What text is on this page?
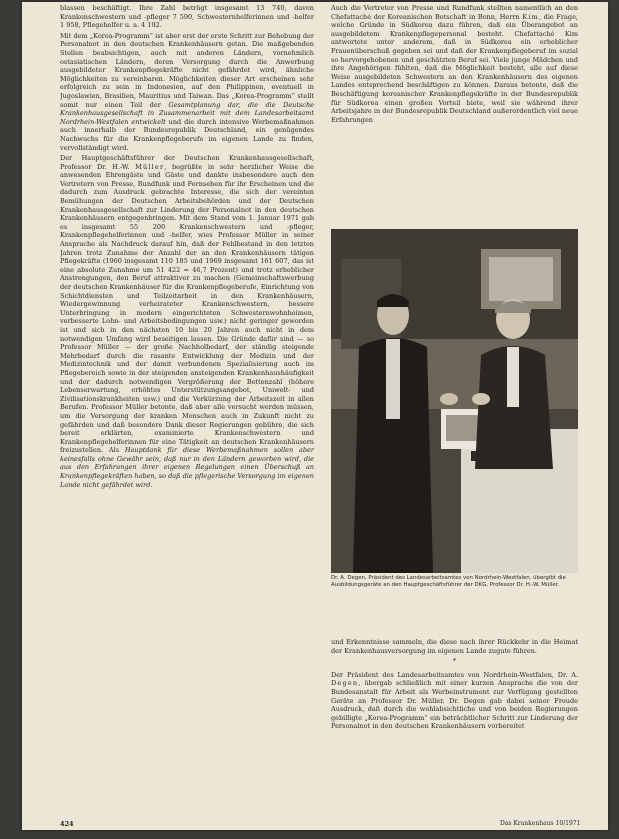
blassen beschäftigt. Ihre Zahl beträgt insgesamt 13 740, davon Krankenschwestern und -pfleger 7 590, Schwesternhelferinnen und -helfer 1 958, Pflegehelfer u. a. 4 192.

Mit dem „Korea-Programm“ ist aber erst der erste Schritt zur Behebung der Personalnot in den deutschen Krankenhäusern getan. Die maßgebenden Stellen beabsichtigen, auch mit anderen Ländern, vornehmlich ostasiatischen Ländern, deren Versorgung durch die Anwerbung ausgebildeter Krankenpflegekräfte nicht gefährdet wird, ähnliche Möglichkeiten zu vereinbaren. Möglichkeiten dieser Art erscheinen sehr erfolgreich zu sein in Indonesien, auf den Philippinen, eventuell in Jugoslawien, Brasilien, Mauritius und Taiwan. Das „Korea-Programm“ stellt somit nur einen Teil der Gesamtplanung dar, die die Deutsche Krankenhausgesellschaft in Zusammenarbeit mit dem Landesarbeitsamt Nordrhein-Westfalen entwickelt und die durch intensive Werbemaßnahmen auch innerhalb der Bundesrepublik Deutschland, ein genügendes Nachwuchs für die Krankenpflegeberufe im eigenen Lande zu finden, vervollständigt wird.

Der Hauptgeschäftsführer der Deutschen Krankenhausgesellschaft, Professor Dr. H.-W. Müller, begrüßte in sehr herzlicher Weise die anwesenden Ehrengäste und Gäste und dankte insbesondere auch den Vertretern von Presse, Rundfunk und Fernsehen für ihr Erscheinen und die dadurch zum Ausdruck gebrachte Interesse, die sich der vereinten Bemühungen der Deutschen Arbeitsbehörden und der Deutschen Krankenhausgesellschaft zur Linderung der Personalnot in den deutschen Krankenhäusern entgegenbringen. Mit dem Stand vom 1. Januar 1971 gab es insgesamt 55 200 Krankenschwestern und -pfleger, Krankenpflegehelferinnen und -helfer, wies Professor Müller in seiner Ansprache als Nachdruck darauf hin, daß der Fehlbestand in den letzten Jahren trotz Zunahme der Anzahl der an den Krankenhäusern tätigen Pflegekräfte (1960 insgesamt 110 185 und 1969 insgesamt 161 607, das ist eine absolute Zunahme um 51 422 = 46,7 Prozent) und trotz erheblicher Anstrengungen, den Beruf attraktiver zu machen (Gemeinschaftswerbung der deutschen Krankenhäuser für die Krankenpflegeberufe, Einrichtung von Schichtdiensten und Teilzeitarbeit in den Krankenhäusern, Wiedergewinnung verheirateter Krankenschwestern, bessere Unterbringung in modern eingerichteten Schwesternwohnheimen, verbesserte Lohn- und Arbeitsbedingungen usw.) nicht geringer geworden ist und sich in den nächsten 10 bis 20 Jahren auch nicht in dem notwendigen Umfang wird beseitigen lassen. Die Gründe dafür sind — so Professor Müller — der große Nachholbedarf, der ständig steigende Mehrbedarf durch die rasante Entwicklung der Medizin und der Medizintechnik und der damit verbundenen Spezialisierung auch im Pflegebereich sowie in der steigenden ansteigenden Krankenhaushäufigkeit und der dadurch notwendigen Vergrößerung der Bettenzahl (höhere Lebenserwartung, erhöhtes Unterstützungsangebot, Umwelt- und Zivilisationskrankheiten usw.) und die Verkürzung der Arbeitszeit in allen Berufen. Professor Müller betonte, daß aber alle versucht werden müssen, um die Versorgung der kranken Menschen auch in Zukunft nicht zu gefährden und daß besondere Dank dieser Regierungen gebühre, die sich bereit erklärten, examinierte Krankenschwestern und Krankenpflegehelferinnen für eine Tätigkeit an deutschen Krankenhäusern freizustellen. Als Hauptdank für diese Werbemaßnahmen sollen aber keinesfalls ohne Gewähr sein, daß nur in den Ländern geworben wird, die aus den Erfahrungen ihrer eigenen Regelungen einen Überschuß an Krankenpflegekräften haben, so daß die pflegerische Versorgung im eigenen Lande nicht gefährdet wird.

Auch die Vertreter von Presse und Rundfunk stellten namentlich an den Chefattaché der Koreanischen Botschaft in Bonn, Herrn Kim, die Frage, welche Gründe in Südkorea dazu führen, daß ein Überangebot an ausgebildetem Krankenpflegepersonal besteht. Chefattaché Kim antwortete unter anderem, daß in Südkorea ein erheblicher Frauenüberschuß gegeben sei und daß der Krankenpflegeberuf im sozial so hervorgehobenen und geschätzten Beruf sei. Viele junge Mädchen und ihre Angehörigen fühlten, daß die Möglichkeit besteht, alle auf diese Weise ausgebildeten Schwestern an den Krankenhäusern des eigenen Landes entsprechend beschäftigen zu können. Daraus betonte, daß die Beschäftigung koreanischer Krankenpflegekräfte in der Bundesrepublik für Südkorea einen großen Vorteil biete, weil sie während ihrer Arbeitsjahre in der Bundesrepublik Deutschland außerordentlich viel neue Erfahrungen

Dr. A. Degen, Präsident des Landesarbeitsamtes von Nordrhein-Westfalen, übergibt die Ausbildungsgeräte an den Hauptgeschäftsführer der DKG, Professor Dr. H.-W. Müller.

und Erkenntnisse sammeln, die diese nach ihrer Rückkehr in die Heimat der Krankenhausversorgung im eigenen Lande zugute führen.

*

Der Präsident des Landesarbeitsamtes von Nordrhein-Westfalen, Dr. A. Degen, übergab schließlich mit einer kurzen Ansprache die von der Bundesanstalt für Arbeit als Werbeinstrument zur Verfügung gestellten Geräte an Professor Dr. Müller. Dr. Degen gab dabei seiner Freude Ausdruck, daß durch die wohlabsichtliche und von beiden Regierungen gebilligte „Korea-Programm“ ein beträchtlicher Schritt zur Linderung der Personalnot in den deutschen Krankenhäusern vorbereitet

424	Das Krankenhaus 10/1971
